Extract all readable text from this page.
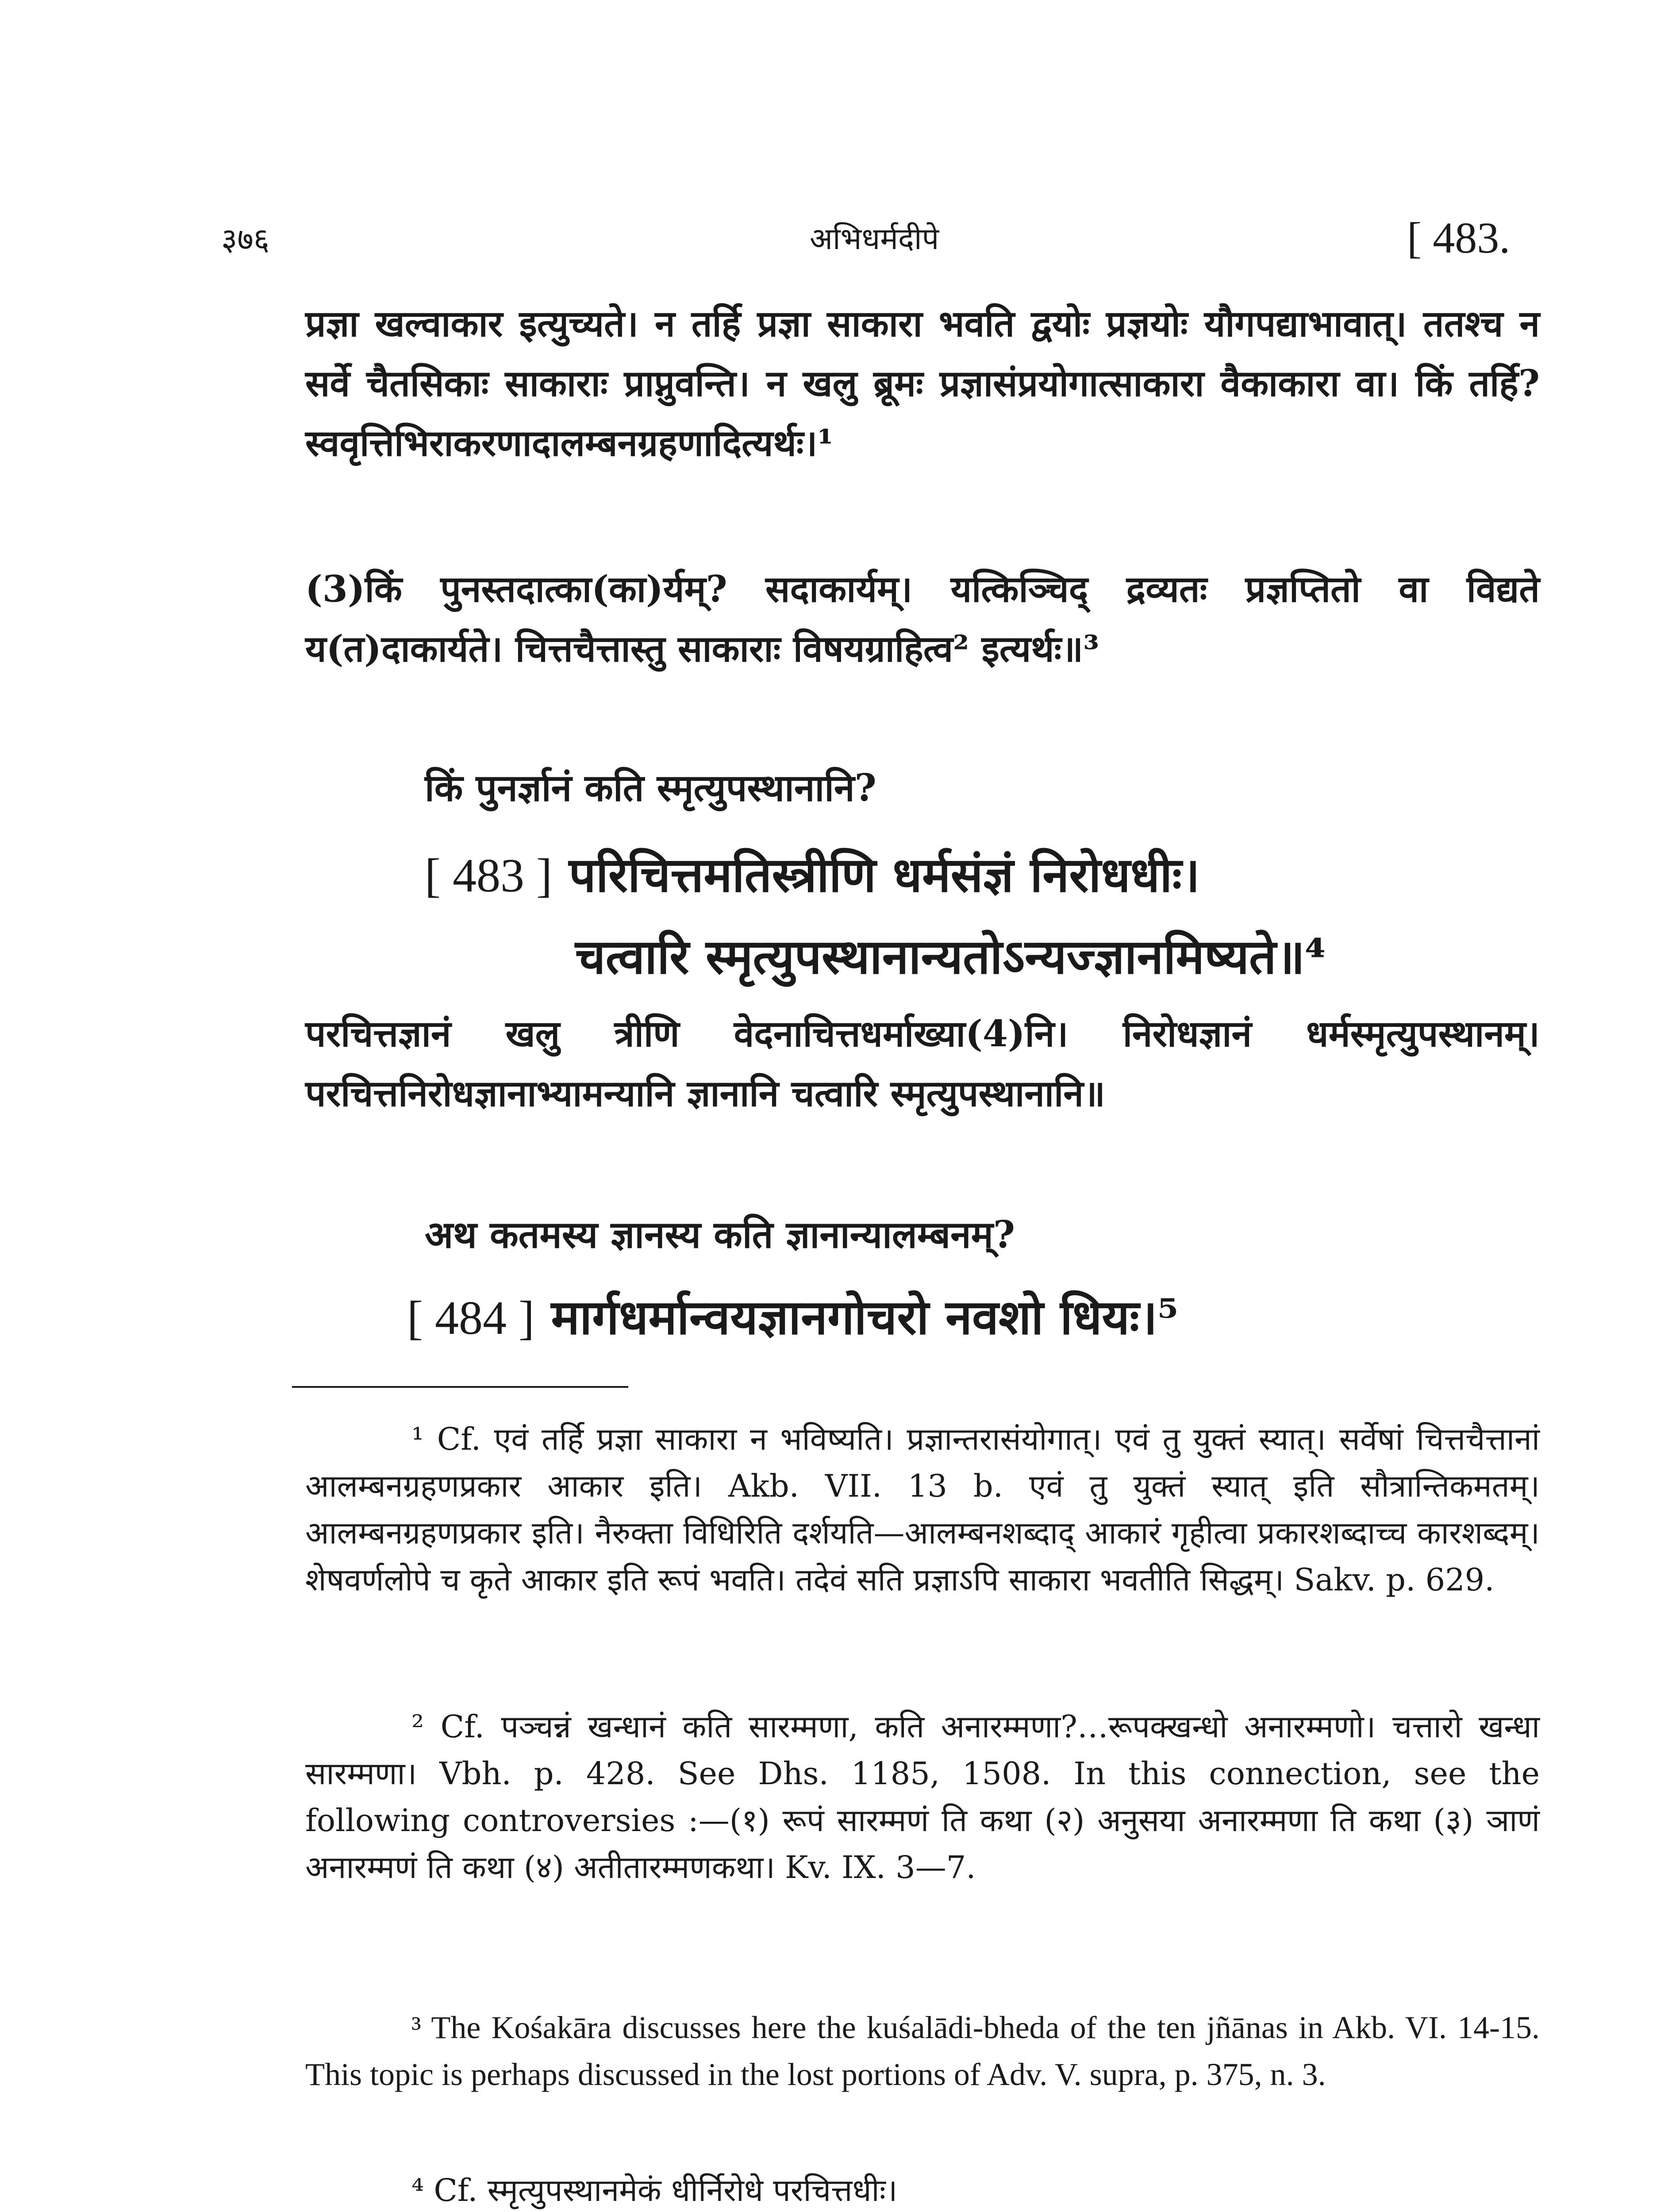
३७६	अभिधर्मदीपे	[ 483.

प्रज्ञा खल्वाकार इत्युच्यते। न तर्हि प्रज्ञा साकारा भवति द्वयोः प्रज्ञयोः यौगपद्याभावात्। ततश्च न सर्वे चैतसिकाः साकाराः प्राप्नुवन्ति। न खलु ब्रूमः प्रज्ञासंप्रयोगात्साकारा वैकाकारा वा। किं तर्हि? स्ववृत्तिभिराकरणादालम्बनग्रहणादित्यर्थः।¹

(3)किं पुनस्तदात्का(का)र्यम्? सदाकार्यम्। यत्किञ्चिद् द्रव्यतः प्रज्ञप्तितो वा विद्यते य(त)दाकार्यते। चित्तचैत्तास्तु साकाराः विषयग्राहित्व² इत्यर्थः॥³

किं पुनर्ज्ञानं कति स्मृत्युपस्थानानि?
[ 483 ] परिचित्तमतिस्त्रीणि धर्मसंज्ञं निरोधधीः।
चत्वारि स्मृत्युपस्थानान्यतोऽन्यज्ज्ञानमिष्यते॥⁴

परचित्तज्ञानं खलु त्रीणि वेदनाचित्तधर्माख्या(4)नि। निरोधज्ञानं धर्मस्मृत्युपस्थानम्। परचित्तनिरोधज्ञानाभ्यामन्यानि ज्ञानानि चत्वारि स्मृत्युपस्थानानि॥

अथ कतमस्य ज्ञानस्य कति ज्ञानान्यालम्बनम्?
[ 484 ] मार्गधर्मान्वयज्ञानगोचरो नवशो धियः।⁵

¹ Cf. एवं तर्हि प्रज्ञा साकारा न भविष्यति। प्रज्ञान्तरासंयोगात्। एवं तु युक्तं स्यात्। सर्वेषां चित्तचैत्तानां आलम्बनग्रहणप्रकार आकार इति। Akb. VII. 13 b. एवं तु युक्तं स्यात् इति सौत्रान्तिकमतम्। आलम्बनग्रहणप्रकार इति। नैरुक्ता विधिरिति दर्शयति—आलम्बनशब्दाद् आकारं गृहीत्वा प्रकारशब्दाच्च कारशब्दम्। शेषवर्णलोपे च कृते आकार इति रूपं भवति। तदेवं सति प्रज्ञाऽपि साकारा भवतीति सिद्धम्। Sakv. p. 629.

² Cf. पञ्चन्नं खन्धानं कति सारम्मणा, कति अनारम्मणा?…रूपक्खन्धो अनारम्मणो। चत्तारो खन्धा सारम्मणा। Vbh. p. 428. See Dhs. 1185, 1508. In this connection, see the following controversies :—(१) रूपं सारम्मणं ति कथा (२) अनुसया अनारम्मणा ति कथा (३) ञाणं अनारम्मणं ति कथा (४) अतीतारम्मणकथा। Kv. IX. 3—7.

³ The Kośakāra discusses here the kuśalādi-bheda of the ten jñānas in Akb. VI. 14-15. This topic is perhaps discussed in the lost portions of Adv. V. supra, p. 375, n. 3.

⁴ Cf. स्मृत्युपस्थानमेकं धीर्निरोधे परचित्तधीः।
